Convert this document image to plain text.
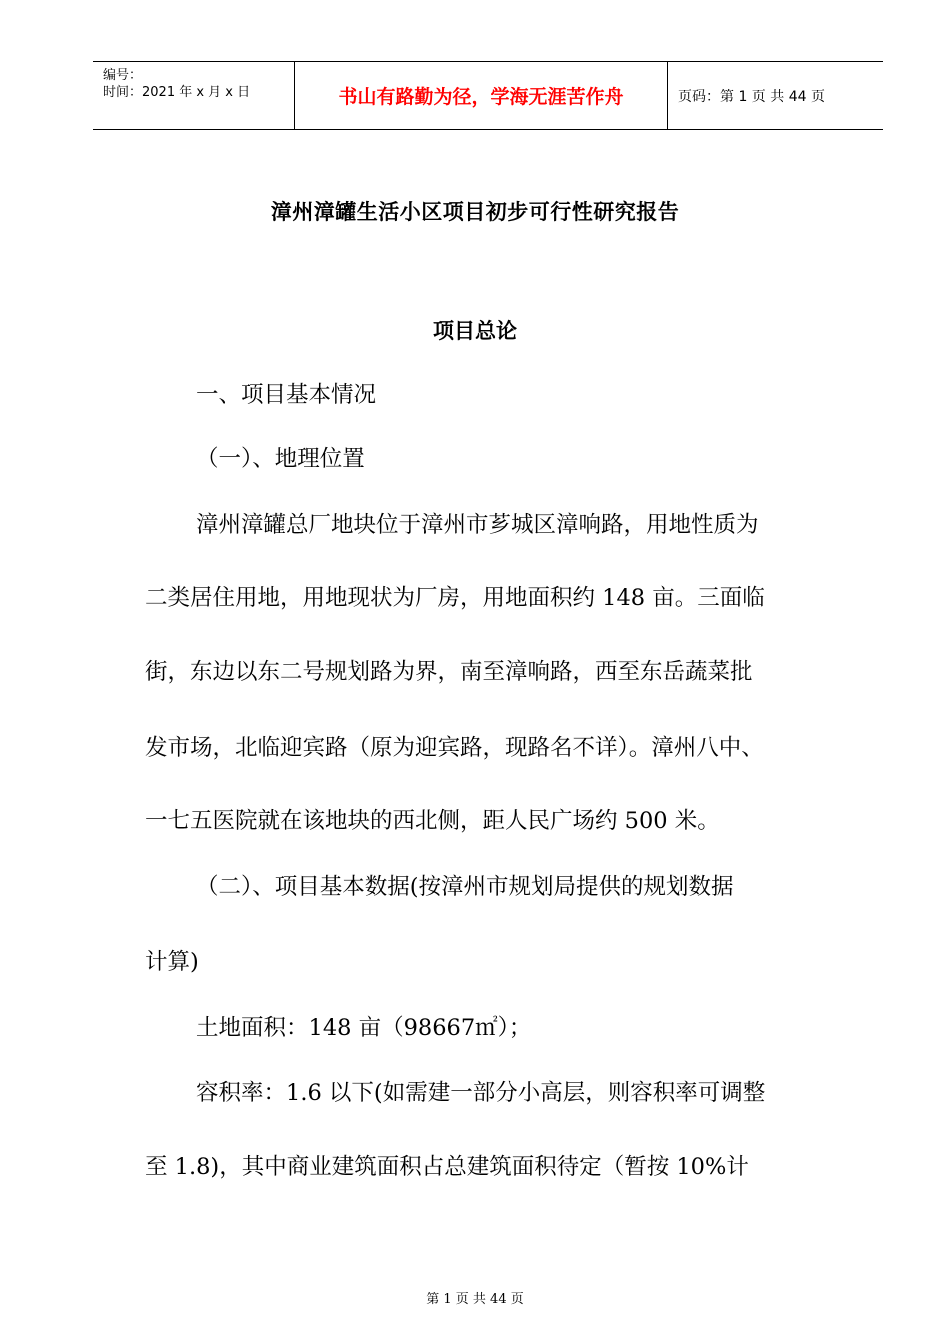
编号：
时间：2021 年 x 月 x 日	书山有路勤为径，学海无涯苦作舟	页码：第 1 页 共 44 页
漳州漳罐生活小区项目初步可行性研究报告
项目总论
一、项目基本情况
（一）、地理位置
漳州漳罐总厂地块位于漳州市芗城区漳响路，用地性质为
二类居住用地，用地现状为厂房，用地面积约 148 亩。三面临
街，东边以东二号规划路为界，南至漳响路，西至东岳蔬菜批
发市场，北临迎宾路（原为迎宾路，现路名不详）。漳州八中、
一七五医院就在该地块的西北侧，距人民广场约 500 米。
（二）、项目基本数据(按漳州市规划局提供的规划数据
计算)
土地面积：148 亩（98667㎡）；
容积率：1.6 以下(如需建一部分小高层，则容积率可调整
至 1.8)，其中商业建筑面积占总建筑面积待定（暂按 10%计
第 1 页 共 44 页
